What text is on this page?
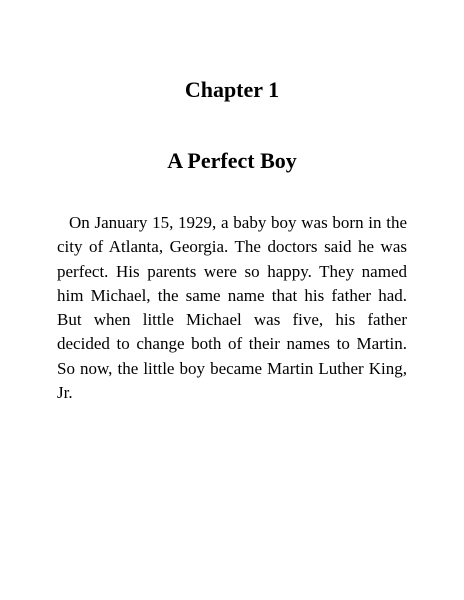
Chapter 1
A Perfect Boy

On January 15, 1929, a baby boy was born in the city of Atlanta, Georgia. The doctors said he was perfect. His parents were so happy. They named him Michael, the same name that his father had. But when little Michael was five, his father decided to change both of their names to Martin. So now, the little boy became Martin Luther King, Jr.
